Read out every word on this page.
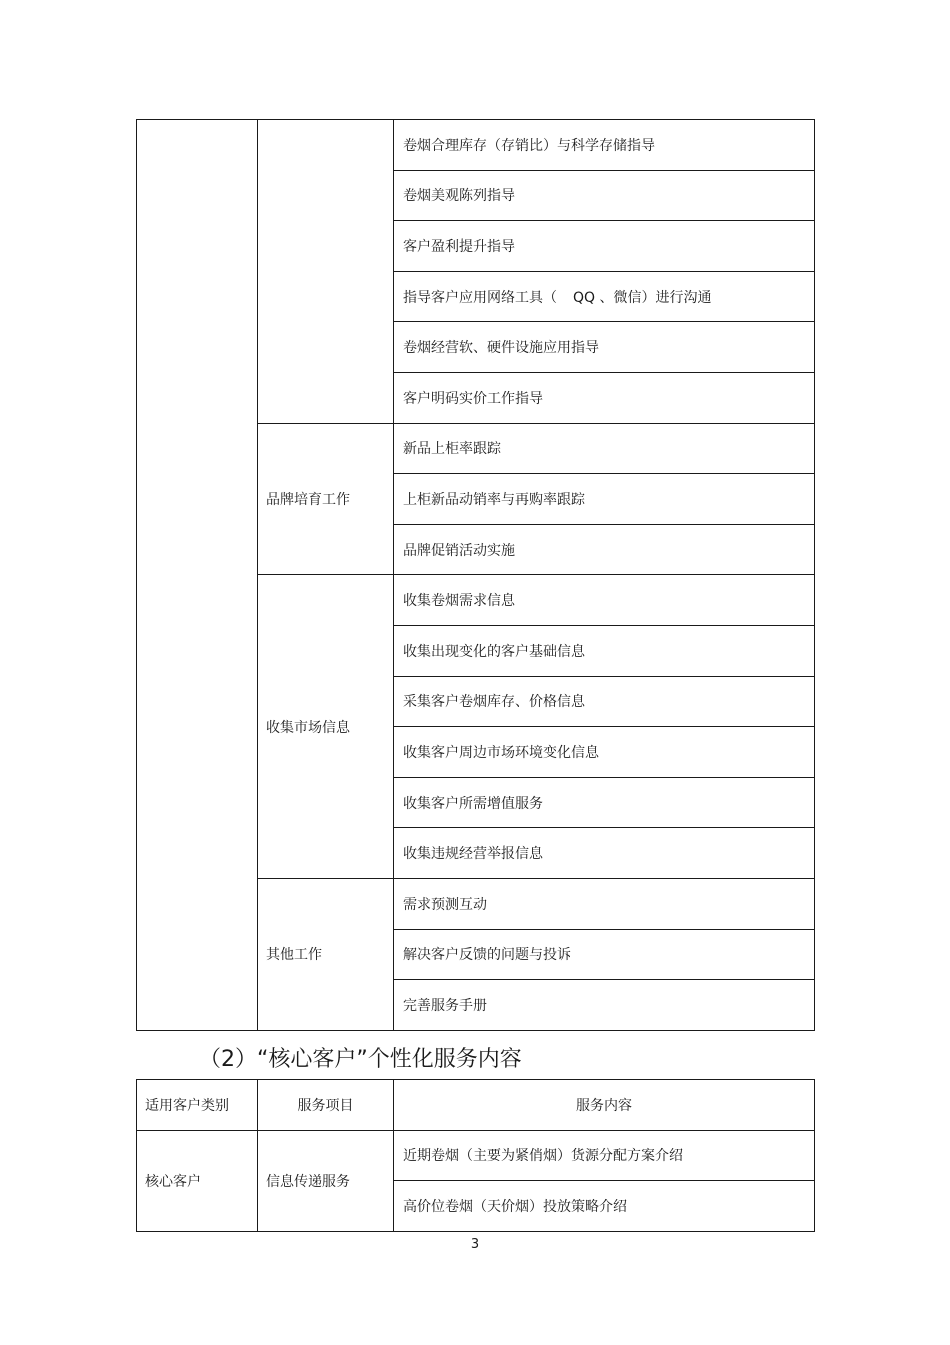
		卷烟合理库存（存销比）与科学存储指导
		卷烟美观陈列指导
		客户盈利提升指导
		指导客户应用网络工具（ QQ 、微信）进行沟通
		卷烟经营软、硬件设施应用指导
		客户明码实价工作指导
	品牌培育工作	新品上柜率跟踪
		上柜新品动销率与再购率跟踪
		品牌促销活动实施
	收集市场信息	收集卷烟需求信息
		收集出现变化的客户基础信息
		采集客户卷烟库存、价格信息
		收集客户周边市场环境变化信息
		收集客户所需增值服务
		收集违规经营举报信息
	其他工作	需求预测互动
		解决客户反馈的问题与投诉
		完善服务手册
（2）“核心客户”个性化服务内容
适用客户类别	服务项目	服务内容
核心客户	信息传递服务	近期卷烟（主要为紧俏烟）货源分配方案介绍
		高价位卷烟（天价烟）投放策略介绍
3
